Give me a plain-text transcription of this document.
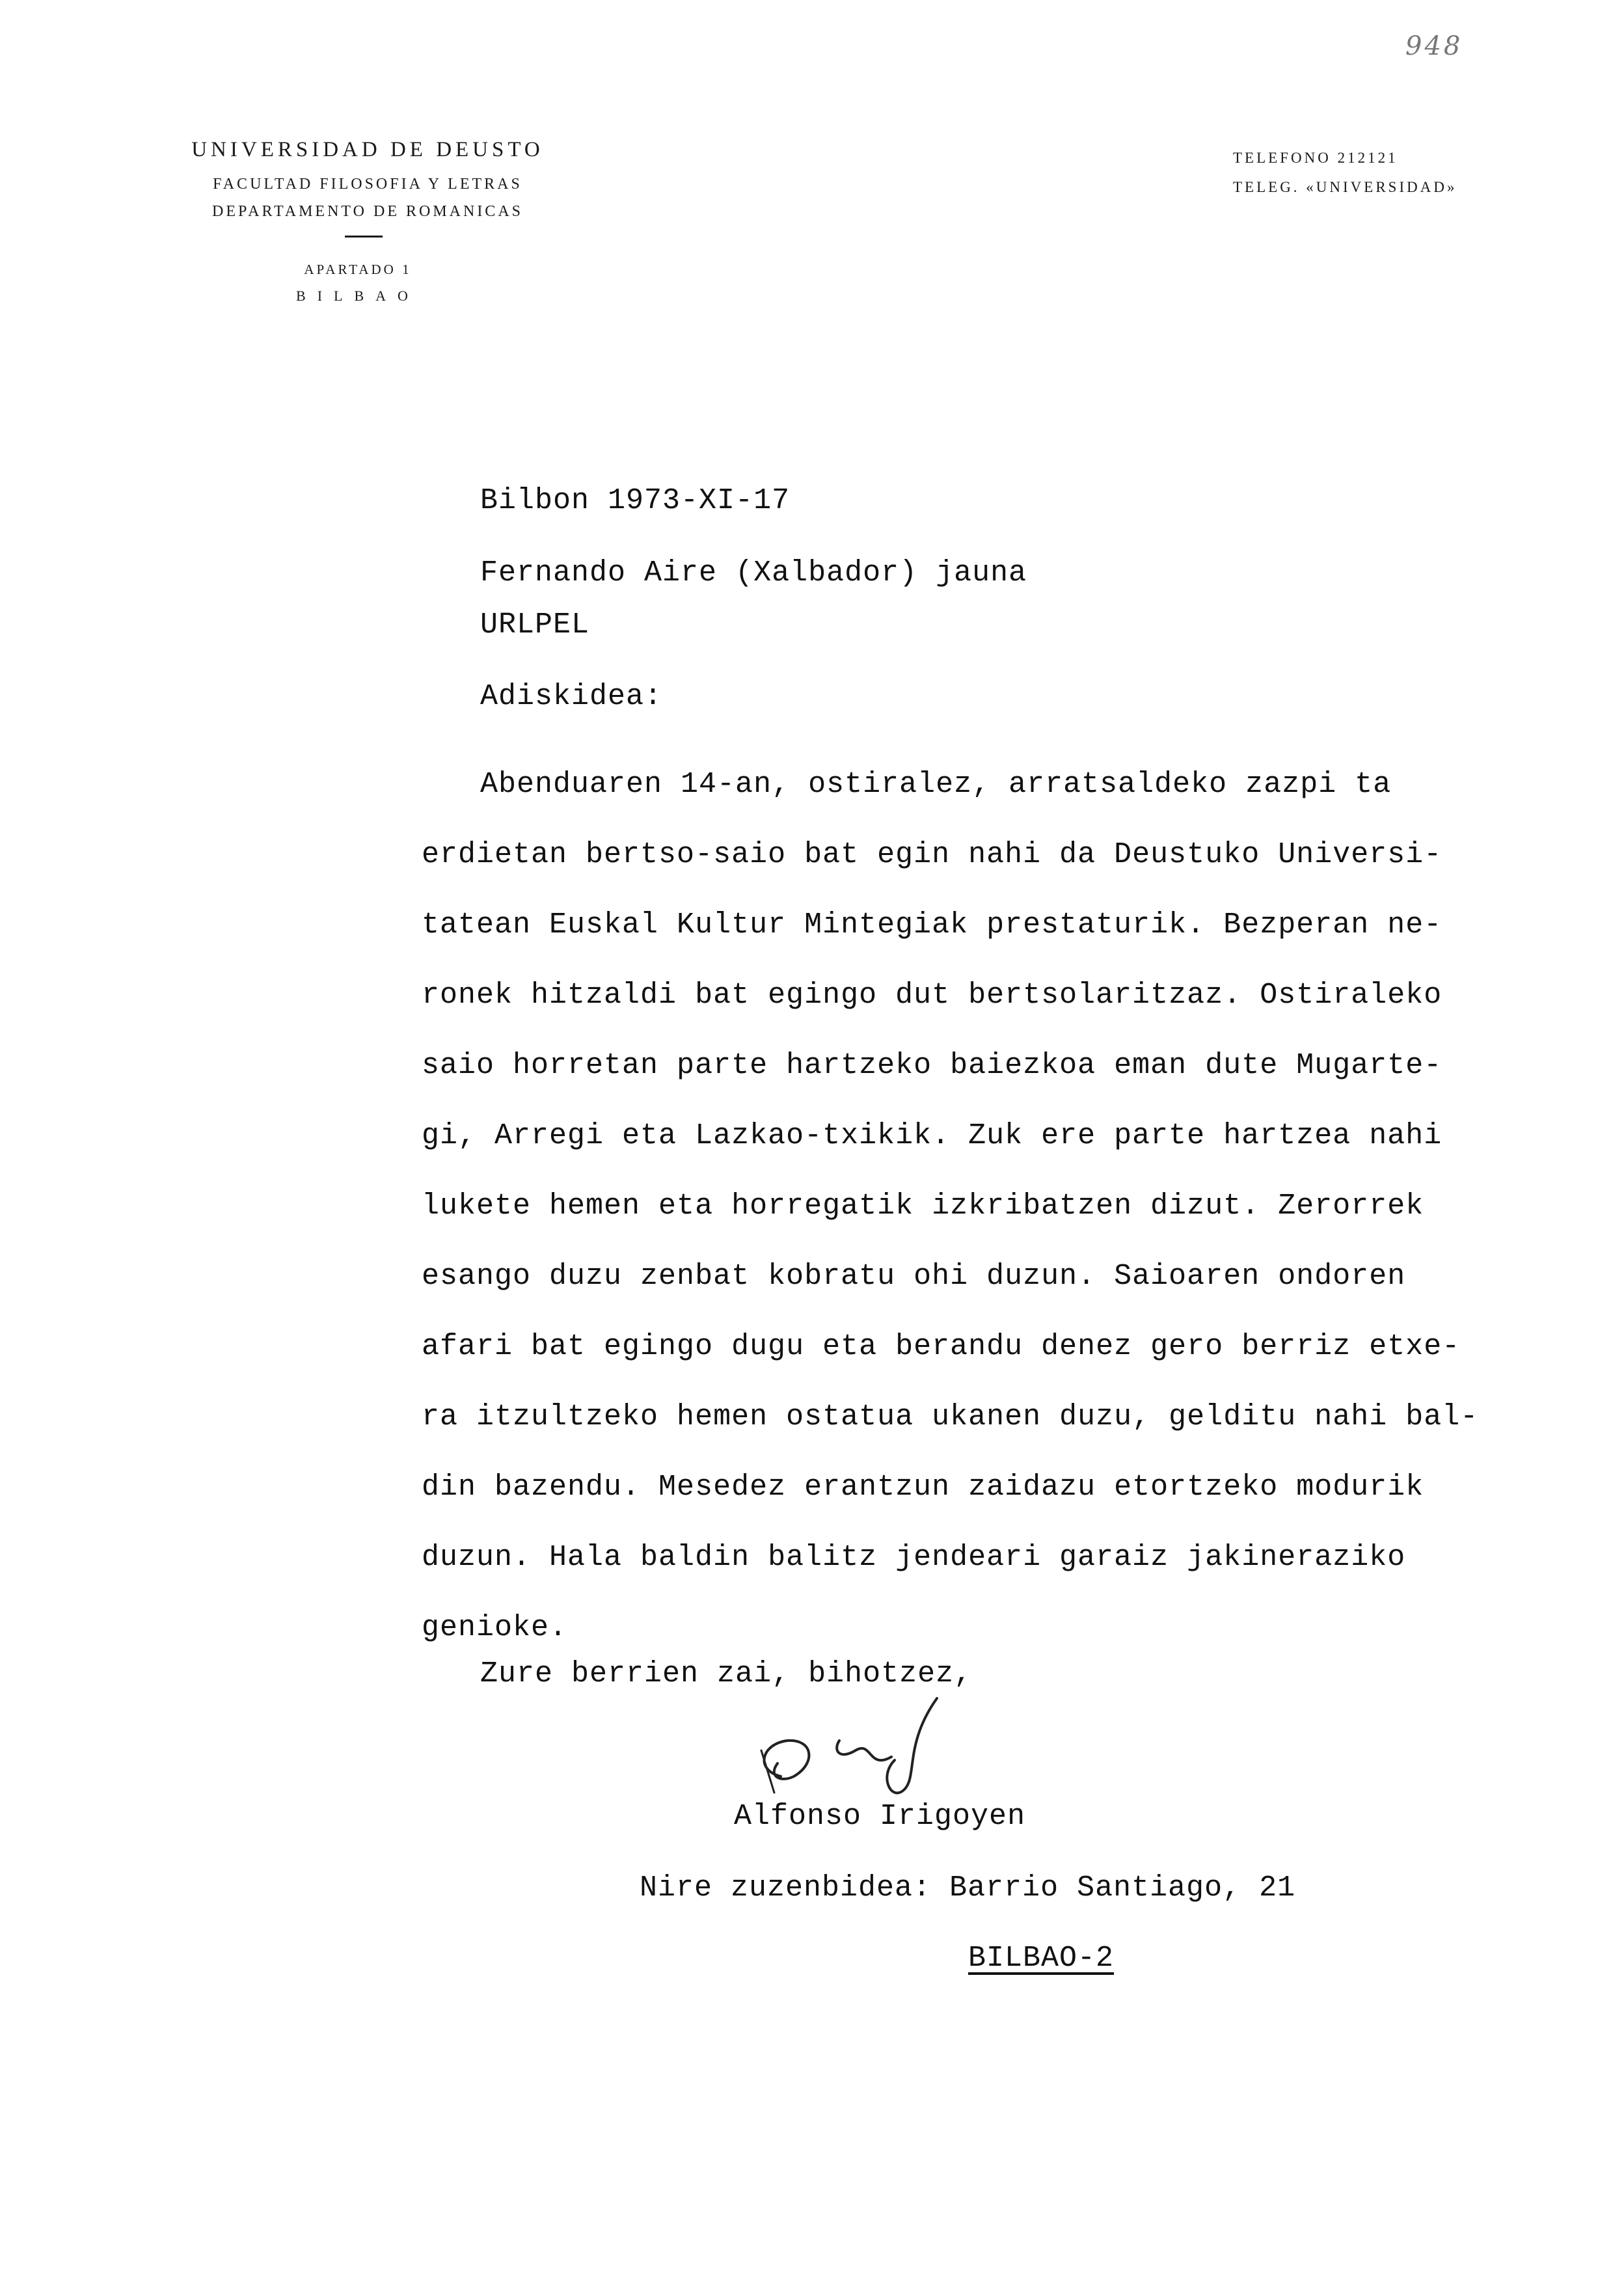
948
UNIVERSIDAD DE DEUSTO
FACULTAD FILOSOFIA Y LETRAS
DEPARTAMENTO DE ROMANICAS
APARTADO 1
BILBAO
TELEFONO 212121
TELEG. «UNIVERSIDAD»
Bilbon 1973-XI-17
Fernando Aire (Xalbador) jauna
URLPEL
Adiskidea:
Abenduaren 14-an, ostiralez, arratsaldeko zazpi ta
erdietan bertso-saio bat egin nahi da Deustuko Universi-
tatean Euskal Kultur Mintegiak prestaturik. Bezperan ne-
ronek hitzaldi bat egingo dut bertsolaritzaz. Ostiraleko
saio horretan parte hartzeko baiezkoa eman dute Mugarte-
gi, Arregi eta Lazkao-txikik. Zuk ere parte hartzea nahi
lukete hemen eta horregatik izkribatzen dizut. Zerorrek
esango duzu zenbat kobratu ohi duzun. Saioaren ondoren
afari bat egingo dugu eta berandu denez gero berriz etxe-
ra itzultzeko hemen ostatua ukanen duzu, gelditu nahi bal-
din bazendu. Mesedez erantzun zaidazu etortzeko modurik
duzun. Hala baldin balitz jendeari garaiz jakineraziko
genioke.
Zure berrien zai, bihotzez,
Alfonso Irigoyen
Nire zuzenbidea: Barrio Santiago, 21
BILBAO-2
